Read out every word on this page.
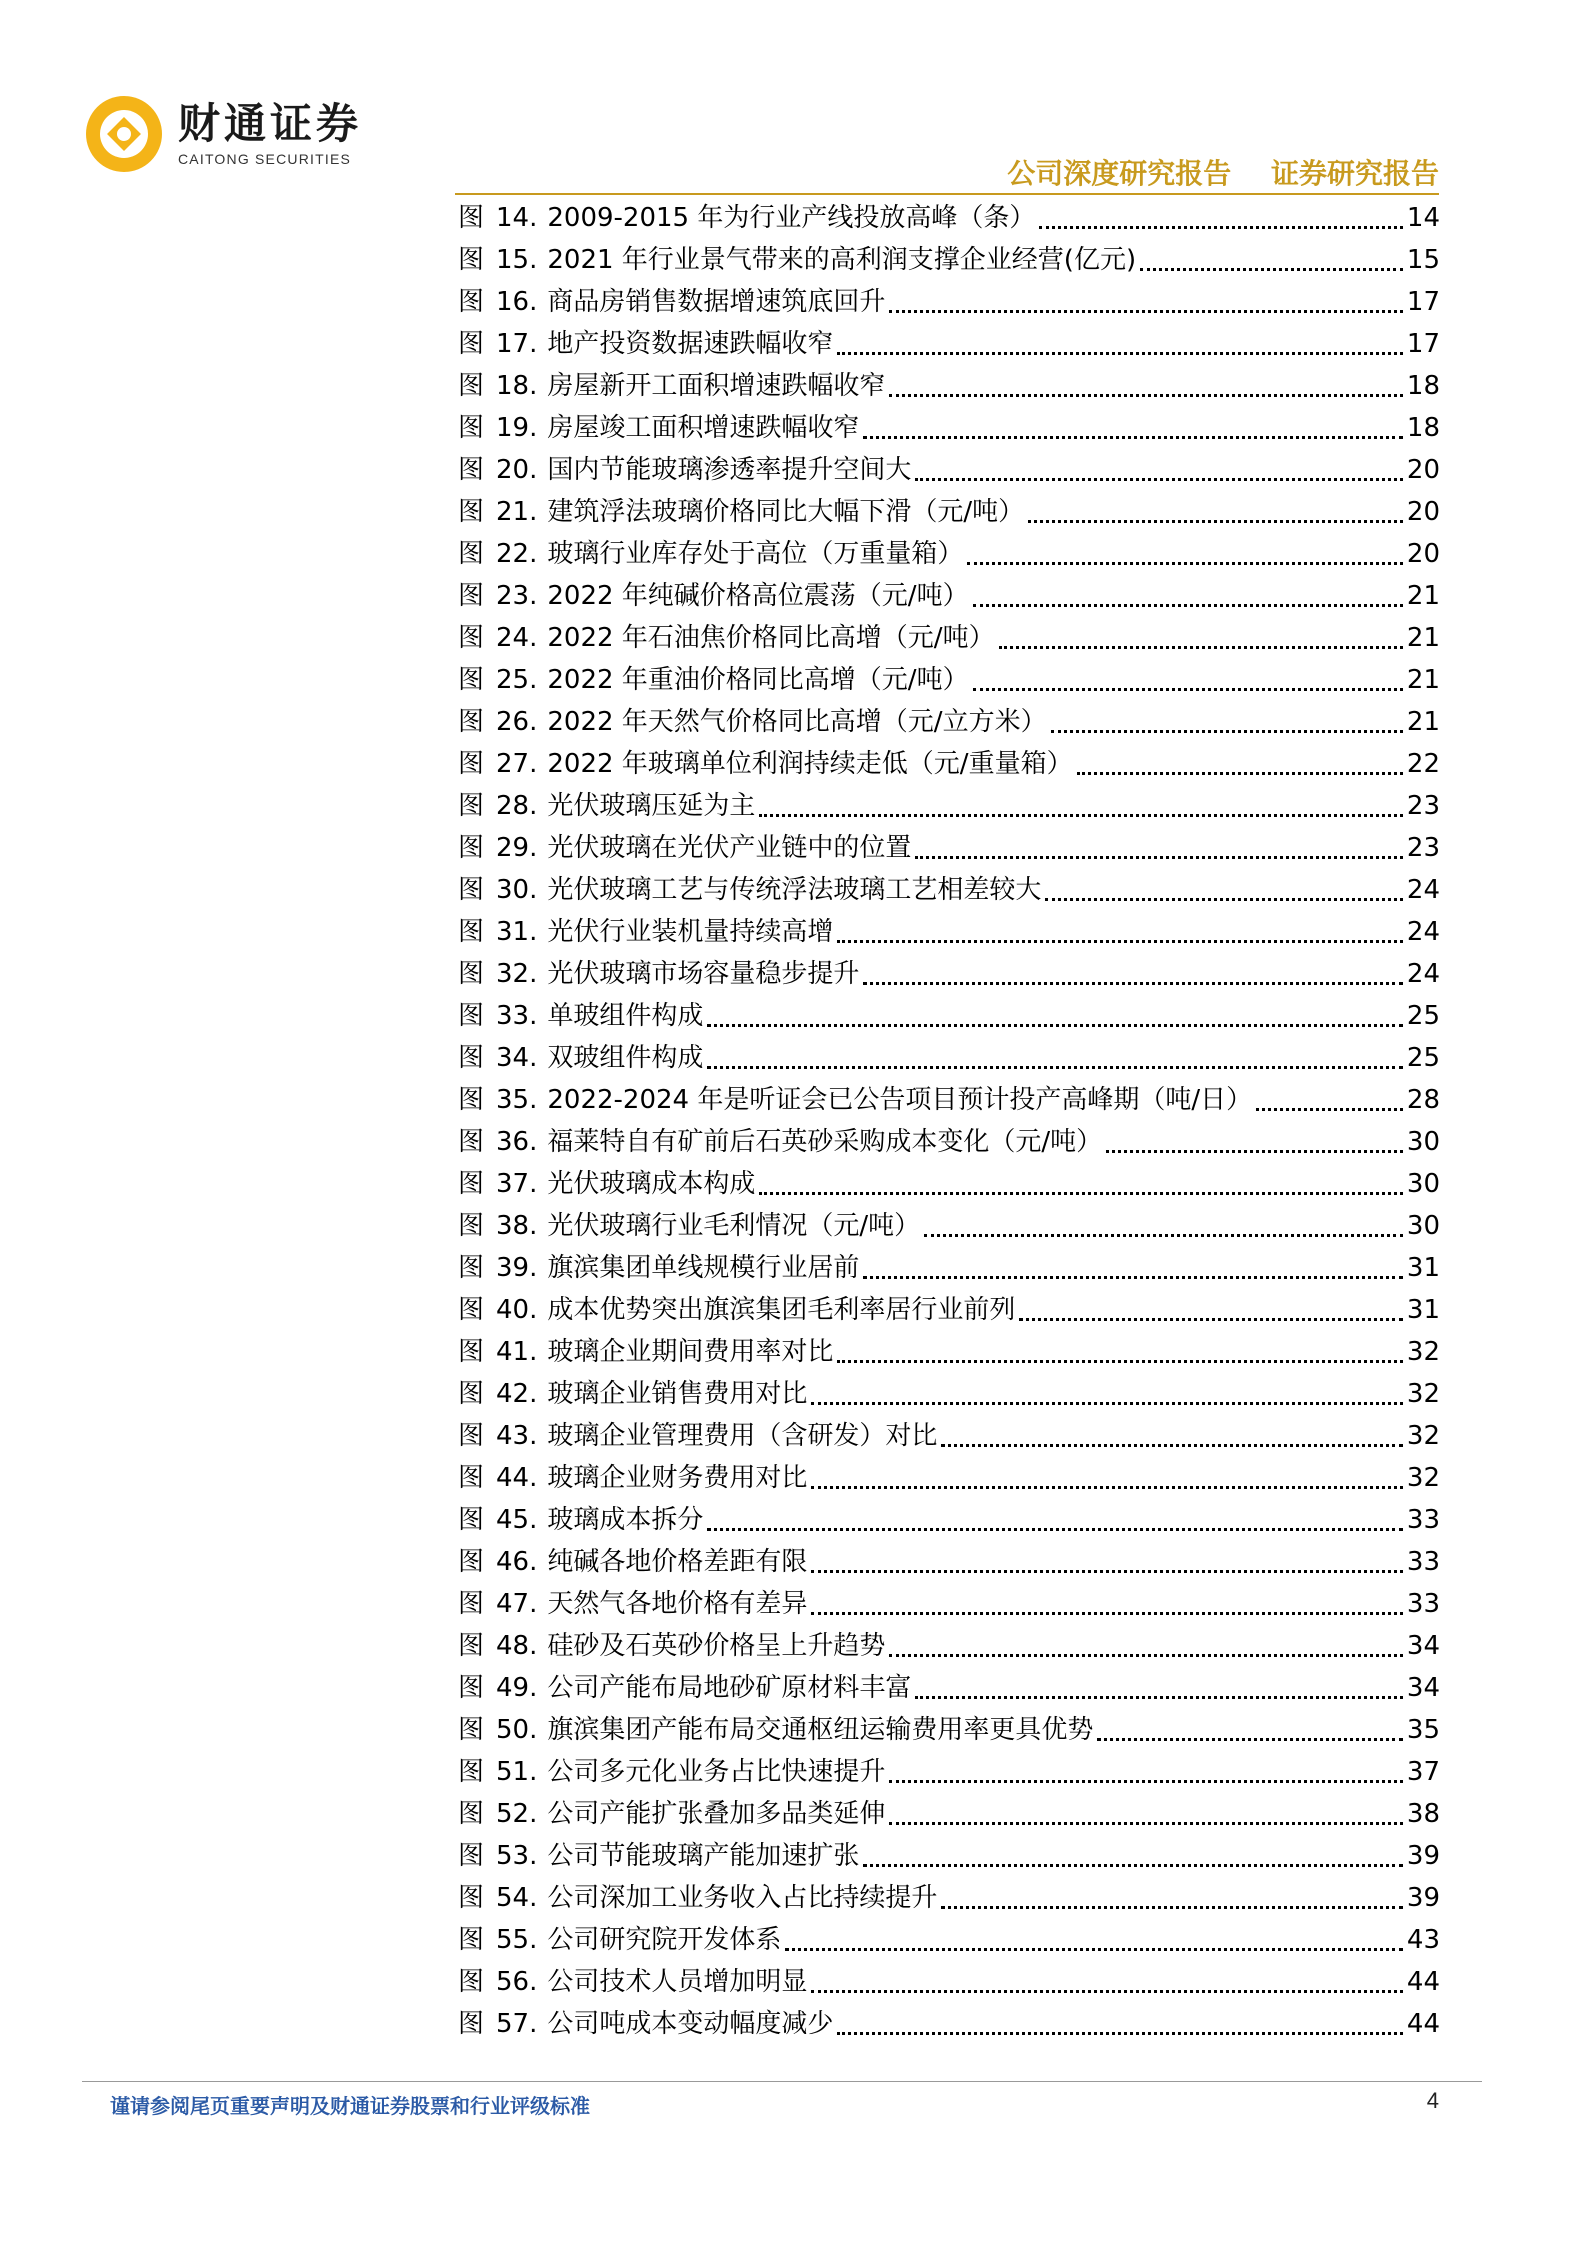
财通证券
CAITONG SECURITIES	公司深度研究报告 证券研究报告
图 14. 2009-2015 年为行业产线投放高峰（条）	14
图 15. 2021 年行业景气带来的高利润支撑企业经营(亿元)	15
图 16. 商品房销售数据增速筑底回升	17
图 17. 地产投资数据速跌幅收窄	17
图 18. 房屋新开工面积增速跌幅收窄	18
图 19. 房屋竣工面积增速跌幅收窄	18
图 20. 国内节能玻璃渗透率提升空间大	20
图 21. 建筑浮法玻璃价格同比大幅下滑（元/吨）	20
图 22. 玻璃行业库存处于高位（万重量箱）	20
图 23. 2022 年纯碱价格高位震荡（元/吨）	21
图 24. 2022 年石油焦价格同比高增（元/吨）	21
图 25. 2022 年重油价格同比高增（元/吨）	21
图 26. 2022 年天然气价格同比高增（元/立方米）	21
图 27. 2022 年玻璃单位利润持续走低（元/重量箱）	22
图 28. 光伏玻璃压延为主	23
图 29. 光伏玻璃在光伏产业链中的位置	23
图 30. 光伏玻璃工艺与传统浮法玻璃工艺相差较大	24
图 31. 光伏行业装机量持续高增	24
图 32. 光伏玻璃市场容量稳步提升	24
图 33. 单玻组件构成	25
图 34. 双玻组件构成	25
图 35. 2022-2024 年是听证会已公告项目预计投产高峰期（吨/日）	28
图 36. 福莱特自有矿前后石英砂采购成本变化（元/吨）	30
图 37. 光伏玻璃成本构成	30
图 38. 光伏玻璃行业毛利情况（元/吨）	30
图 39. 旗滨集团单线规模行业居前	31
图 40. 成本优势突出旗滨集团毛利率居行业前列	31
图 41. 玻璃企业期间费用率对比	32
图 42. 玻璃企业销售费用对比	32
图 43. 玻璃企业管理费用（含研发）对比	32
图 44. 玻璃企业财务费用对比	32
图 45. 玻璃成本拆分	33
图 46. 纯碱各地价格差距有限	33
图 47. 天然气各地价格有差异	33
图 48. 硅砂及石英砂价格呈上升趋势	34
图 49. 公司产能布局地砂矿原材料丰富	34
图 50. 旗滨集团产能布局交通枢纽运输费用率更具优势	35
图 51. 公司多元化业务占比快速提升	37
图 52. 公司产能扩张叠加多品类延伸	38
图 53. 公司节能玻璃产能加速扩张	39
图 54. 公司深加工业务收入占比持续提升	39
图 55. 公司研究院开发体系	43
图 56. 公司技术人员增加明显	44
图 57. 公司吨成本变动幅度减少	44
谨请参阅尾页重要声明及财通证券股票和行业评级标准	4
